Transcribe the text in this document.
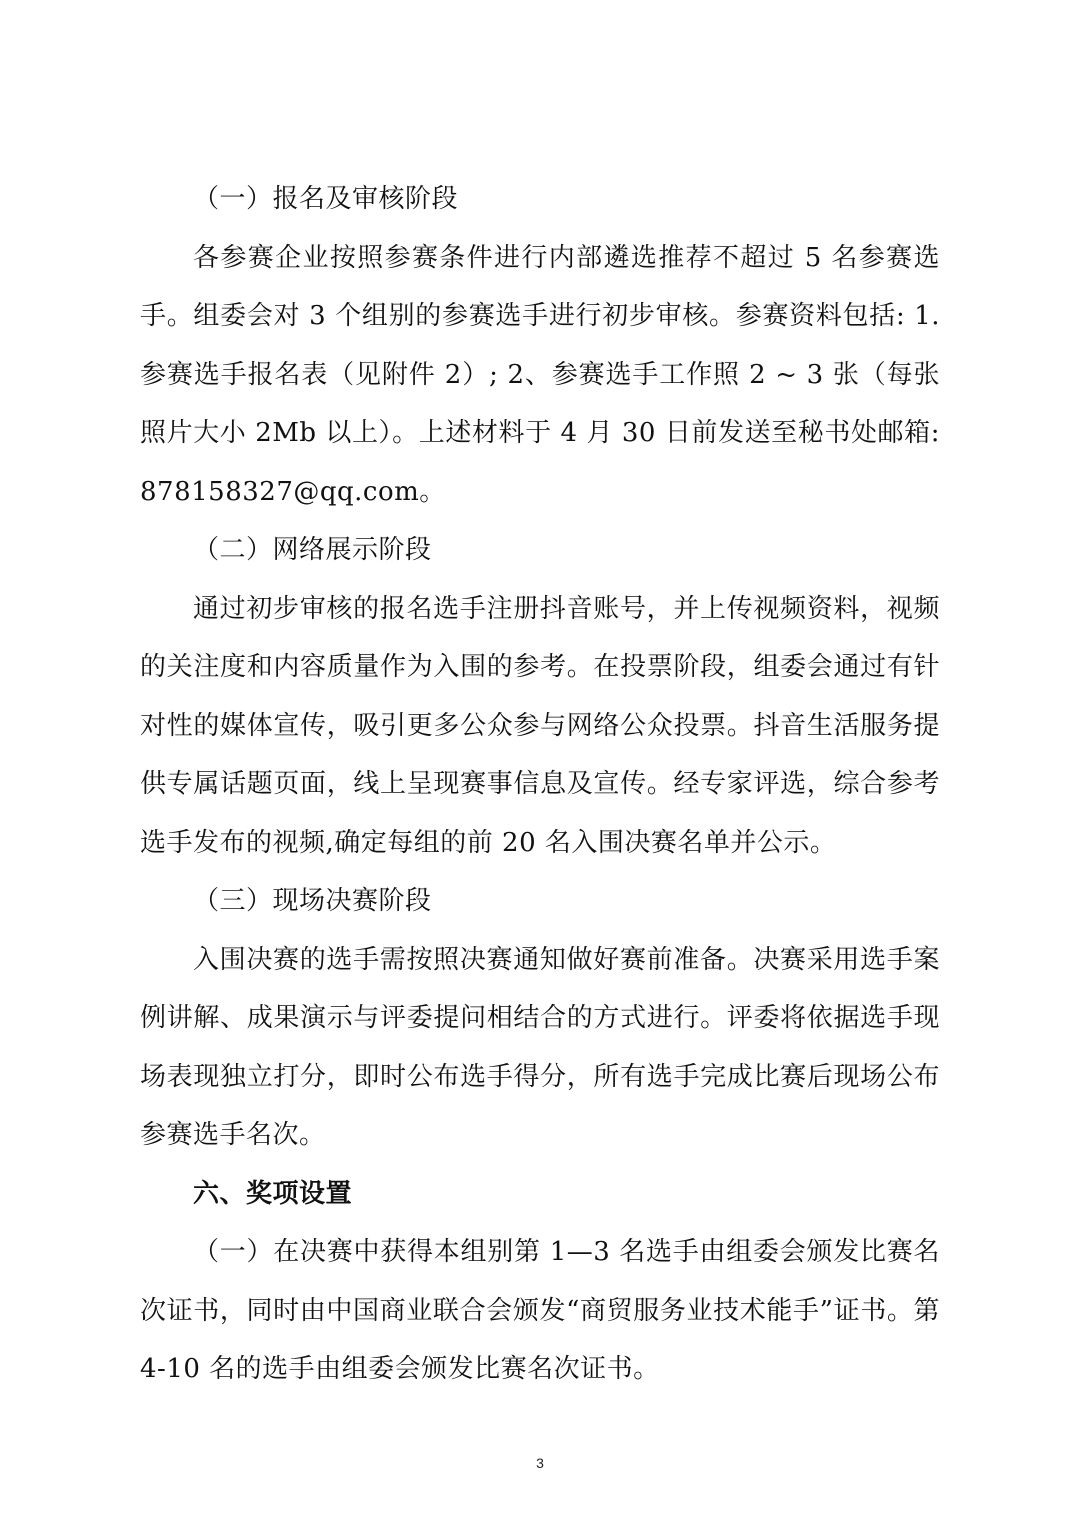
（一）报名及审核阶段

各参赛企业按照参赛条件进行内部遴选推荐不超过 5 名参赛选手。组委会对 3 个组别的参赛选手进行初步审核。参赛资料包括: 1.参赛选手报名表（见附件 2）; 2、参赛选手工作照 2 ~ 3 张（每张照片大小 2Mb 以上）。上述材料于 4 月 30 日前发送至秘书处邮箱: 878158327@qq.com。

（二）网络展示阶段

通过初步审核的报名选手注册抖音账号，并上传视频资料，视频的关注度和内容质量作为入围的参考。在投票阶段，组委会通过有针对性的媒体宣传，吸引更多公众参与网络公众投票。抖音生活服务提供专属话题页面，线上呈现赛事信息及宣传。经专家评选，综合参考选手发布的视频,确定每组的前 20 名入围决赛名单并公示。

（三）现场决赛阶段

入围决赛的选手需按照决赛通知做好赛前准备。决赛采用选手案例讲解、成果演示与评委提问相结合的方式进行。评委将依据选手现场表现独立打分，即时公布选手得分，所有选手完成比赛后现场公布参赛选手名次。

六、奖项设置

（一）在决赛中获得本组别第 1—3 名选手由组委会颁发比赛名次证书，同时由中国商业联合会颁发“商贸服务业技术能手”证书。第 4-10 名的选手由组委会颁发比赛名次证书。

3
